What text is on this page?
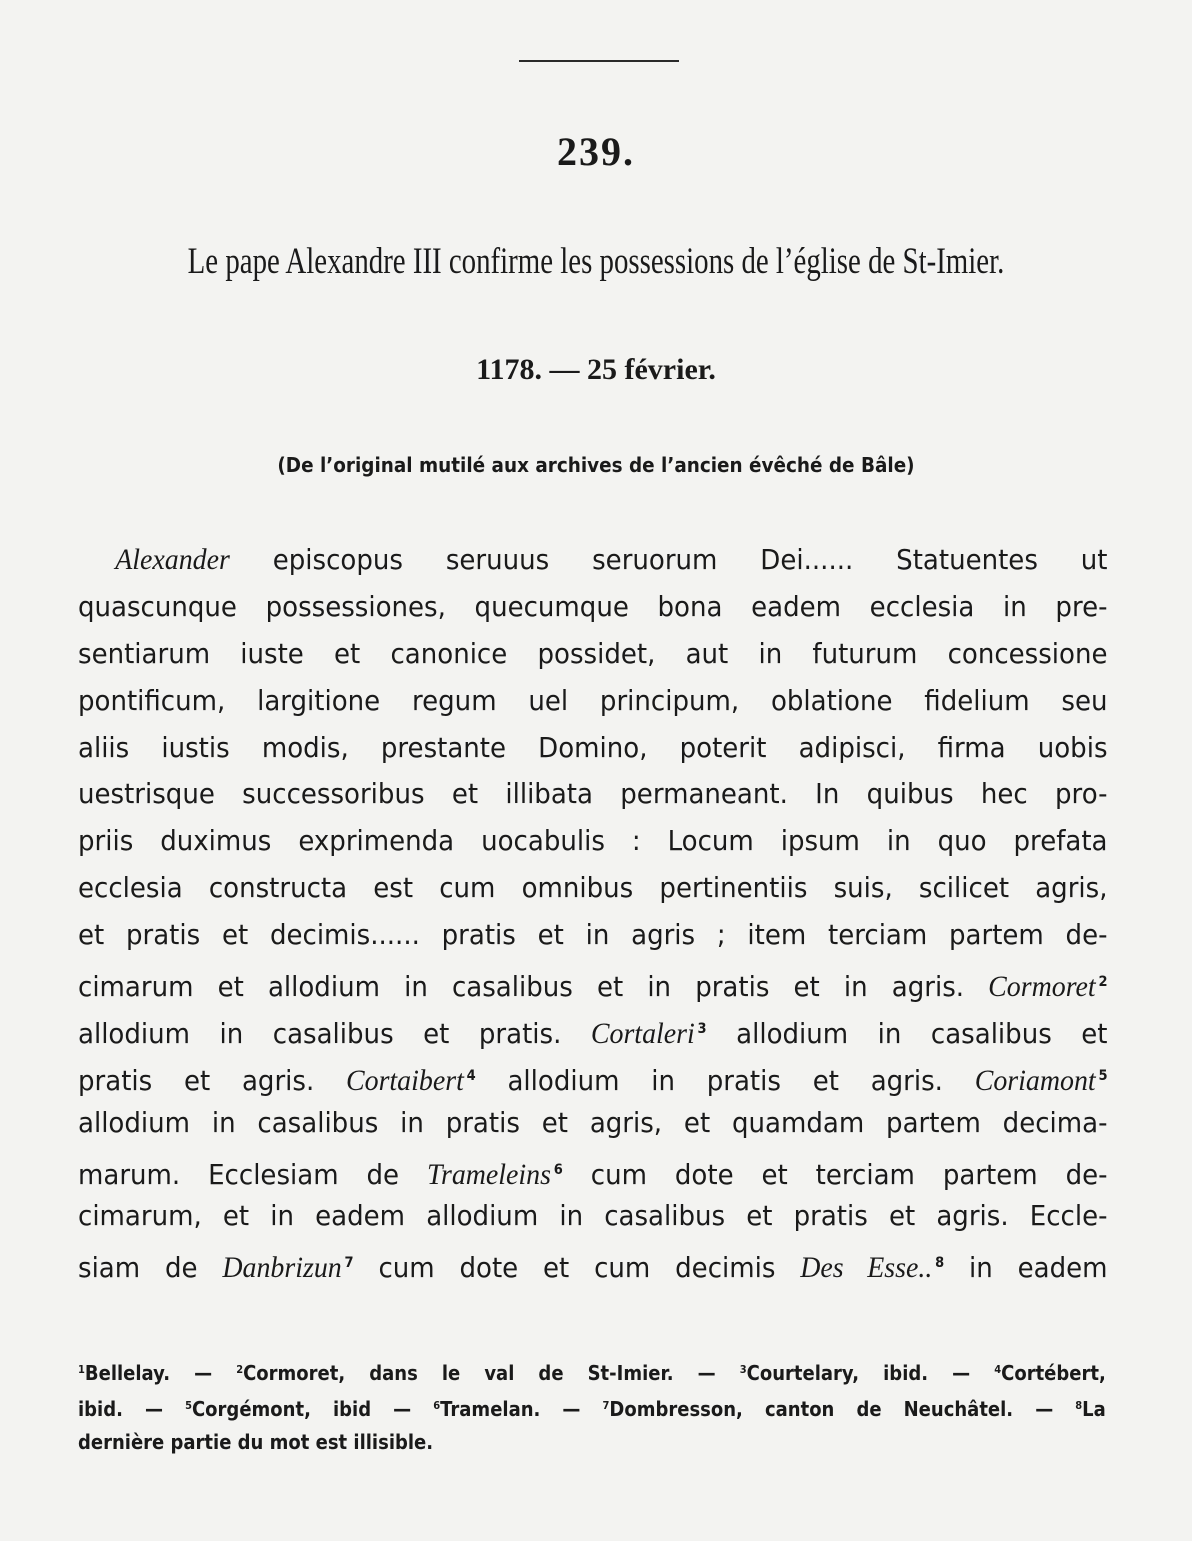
239.
Le pape Alexandre III confirme les possessions de l’église de St-Imier.
1178. — 25 février.
(De l’original mutilé aux archives de l’ancien évêché de Bâle)
Alexander episcopus seruuus seruorum Dei...... Statuentes ut
quascunque possessiones, quecumque bona eadem ecclesia in pre-
sentiarum iuste et canonice possidet, aut in futurum concessione
pontificum, largitione regum uel principum, oblatione fidelium seu
aliis iustis modis, prestante Domino, poterit adipisci, firma uobis
uestrisque successoribus et illibata permaneant. In quibus hec pro-
priis duximus exprimenda uocabulis : Locum ipsum in quo prefata
ecclesia constructa est cum omnibus pertinentiis suis, scilicet agris,
et pratis et decimis...... pratis et in agris ; item terciam partem de-
cimarum et allodium in casalibus et in pratis et in agris. Cormoret $^2$
allodium in casalibus et pratis. Cortaleri $^3$ allodium in casalibus et
pratis et agris. Cortaibert $^4$ allodium in pratis et agris. Coriamont $^5$
allodium in casalibus in pratis et agris, et quamdam partem decima-
marum. Ecclesiam de Trameleins $^6$ cum dote et terciam partem de-
cimarum, et in eadem allodium in casalibus et pratis et agris. Eccle-
siam de Danbrizun $^7$ cum dote et cum decimis Des Esse.. $^8$ in eadem
$^1$Bellelay. — $^2$Cormoret, dans le val de St-Imier. — $^3$Courtelary, ibid. — $^4$Cortébert,
ibid. — $^5$Corgémont, ibid — $^6$Tramelan. — $^7$Dombresson, canton de Neuchâtel. — $^8$La
dernière partie du mot est illisible.
